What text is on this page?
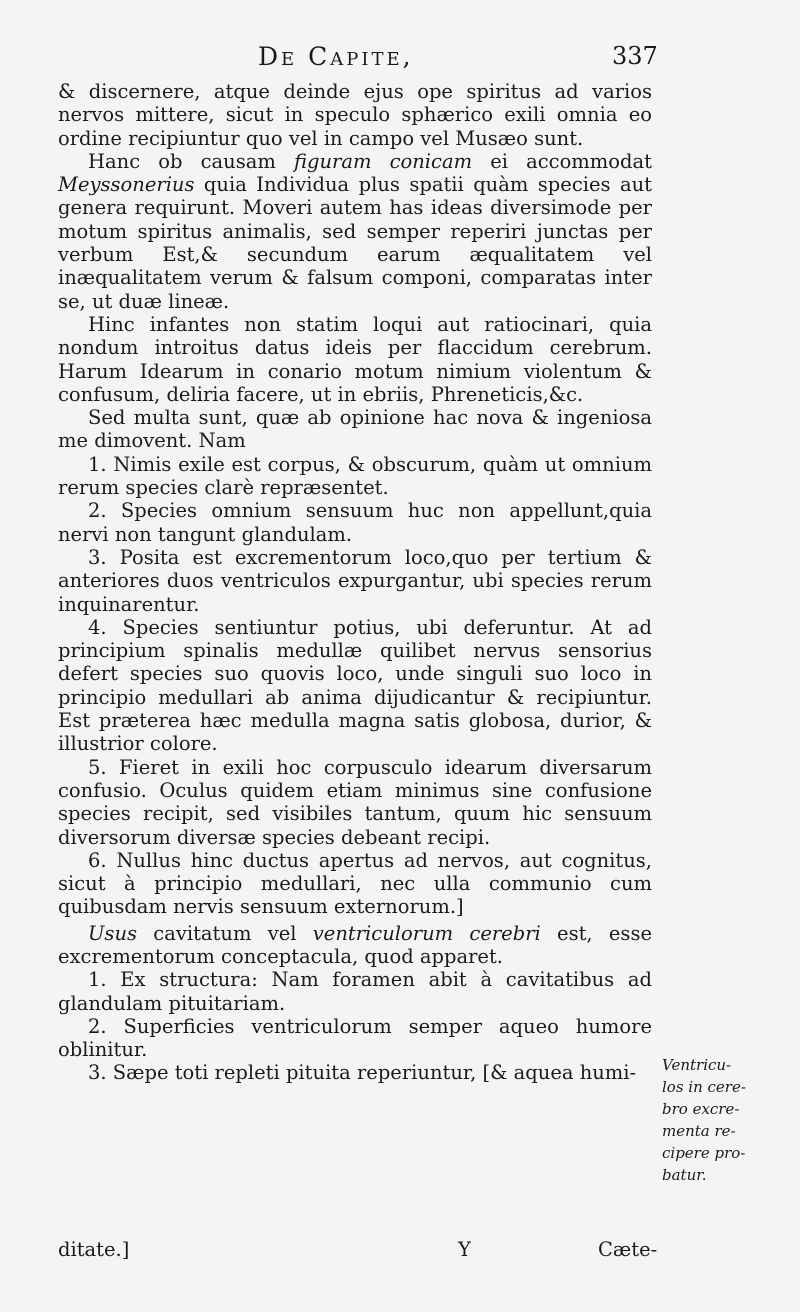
De Capite,	337

& discernere, atque deinde ejus ope spiritus ad varios nervos mittere, sicut in speculo sphærico exili omnia eo ordine recipiuntur quo vel in campo vel Musæo sunt.

Hanc ob causam figuram conicam ei accommodat Meyssonerius quia Individua plus spatii quàm species aut genera requirunt. Moveri autem has ideas diversimode per motum spiritus animalis, sed semper reperiri junctas per verbum Est,& secundum earum æqualitatem vel inæqualitatem verum & falsum componi, comparatas inter se, ut duæ lineæ.

Hinc infantes non statim loqui aut ratiocinari, quia nondum introitus datus ideis per flaccidum cerebrum. Harum Idearum in conario motum nimium violentum & confusum, deliria facere, ut in ebriis, Phreneticis,&c.

Sed multa sunt, quæ ab opinione hac nova & ingeniosa me dimovent. Nam

1. Nimis exile est corpus, & obscurum, quàm ut omnium rerum species clarè repræsentet.

2. Species omnium sensuum huc non appellunt,quia nervi non tangunt glandulam.

3. Posita est excrementorum loco,quo per tertium & anteriores duos ventriculos expurgantur, ubi species rerum inquinarentur.

4. Species sentiuntur potius, ubi deferuntur. At ad principium spinalis medullæ quilibet nervus sensorius defert species suo quovis loco, unde singuli suo loco in principio medullari ab anima dijudicantur & recipiuntur. Est præterea hæc medulla magna satis globosa, durior, & illustrior colore.

5. Fieret in exili hoc corpusculo idearum diversarum confusio. Oculus quidem etiam minimus sine confusione species recipit, sed visibiles tantum, quum hic sensuum diversorum diversæ species debeant recipi.

6. Nullus hinc ductus apertus ad nervos, aut cognitus, sicut à principio medullari, nec ulla communio cum quibusdam nervis sensuum externorum.]

Usus cavitatum vel ventriculorum cerebri est, esse excrementorum conceptacula, quod apparet.

1. Ex structura: Nam foramen abit à cavitatibus ad glandulam pituitariam.

2. Superficies ventriculorum semper aqueo humore oblinitur.

3. Sæpe toti repleti pituita reperiuntur, [& aquea humi-	Ventricu-
los in cere-
bro excre-
menta re-
cipere pro-
batur.
ditate.]	Y	Cæte-
